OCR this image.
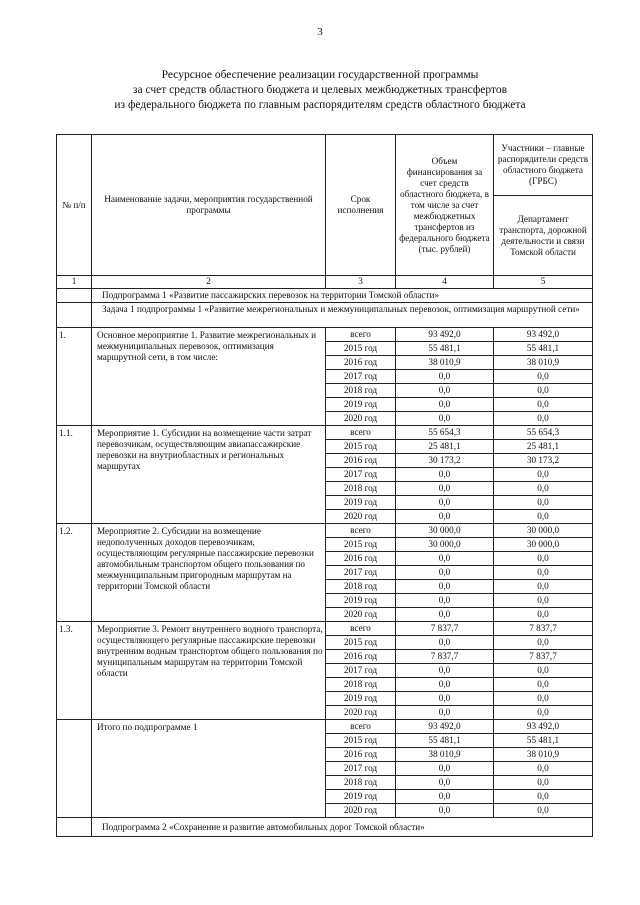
3
Ресурсное обеспечение реализации государственной программы
за счет средств областного бюджета и целевых межбюджетных трансфертов
из федерального бюджета по главным распорядителям средств областного бюджета
№ п/п	Наименование задачи, мероприятия государственной программы	Срок исполнения	Объем финансирования за счет средств областного бюджета, в том числе за счет межбюджетных трансфертов из федерального бюджета (тыс. рублей)	Участники – главные распорядители средств областного бюджета (ГРБС)
				Департамент транспорта, дорожной деятельности и связи Томской области
1	2	3	4	5
	Подпрограмма 1 «Развитие пассажирских перевозок на территории Томской области»			
	Задача 1 подпрограммы 1 «Развитие межрегиональных и межмуниципальных перевозок, оптимизация маршрутной сети»			
1.	Основное мероприятие 1. Развитие межрегиональных и межмуниципальных перевозок, оптимизация маршрутной сети, в том числе:	всего	93 492,0	93 492,0
		2015 год	55 481,1	55 481,1
		2016 год	38 010,9	38 010,9
		2017 год	0,0	0,0
		2018 год	0,0	0,0
		2019 год	0,0	0,0
		2020 год	0,0	0,0
1.1.	Мероприятие 1. Субсидии на возмещение части затрат перевозчикам, осуществляющим авиапассажирские перевозки на внутриобластных и региональных маршрутах	всего	55 654,3	55 654,3
		2015 год	25 481,1	25 481,1
		2016 год	30 173,2	30 173,2
		2017 год	0,0	0,0
		2018 год	0,0	0,0
		2019 год	0,0	0,0
		2020 год	0,0	0,0
1.2.	Мероприятие 2. Субсидии на возмещение недополученных доходов перевозчикам, осуществляющим регулярные пассажирские перевозки автомобильным транспортом общего пользования по межмуниципальным пригородным маршрутам на территории Томской области	всего	30 000,0	30 000,0
		2015 год	30 000,0	30 000,0
		2016 год	0,0	0,0
		2017 год	0,0	0,0
		2018 год	0,0	0,0
		2019 год	0,0	0,0
		2020 год	0,0	0,0
1.3.	Мероприятие 3. Ремонт внутреннего водного транспорта, осуществляющего регулярные пассажирские перевозки внутренним водным транспортом общего пользования по муниципальным маршрутам на территории Томской области	всего	7 837,7	7 837,7
		2015 год	0,0	0,0
		2016 год	7 837,7	7 837,7
		2017 год	0,0	0,0
		2018 год	0,0	0,0
		2019 год	0,0	0,0
		2020 год	0,0	0,0
	Итого по подпрограмме 1	всего	93 492,0	93 492,0
		2015 год	55 481,1	55 481,1
		2016 год	38 010,9	38 010,9
		2017 год	0,0	0,0
		2018 год	0,0	0,0
		2019 год	0,0	0,0
		2020 год	0,0	0,0
	Подпрограмма 2 «Сохранение и развитие автомобильных дорог Томской области»			
